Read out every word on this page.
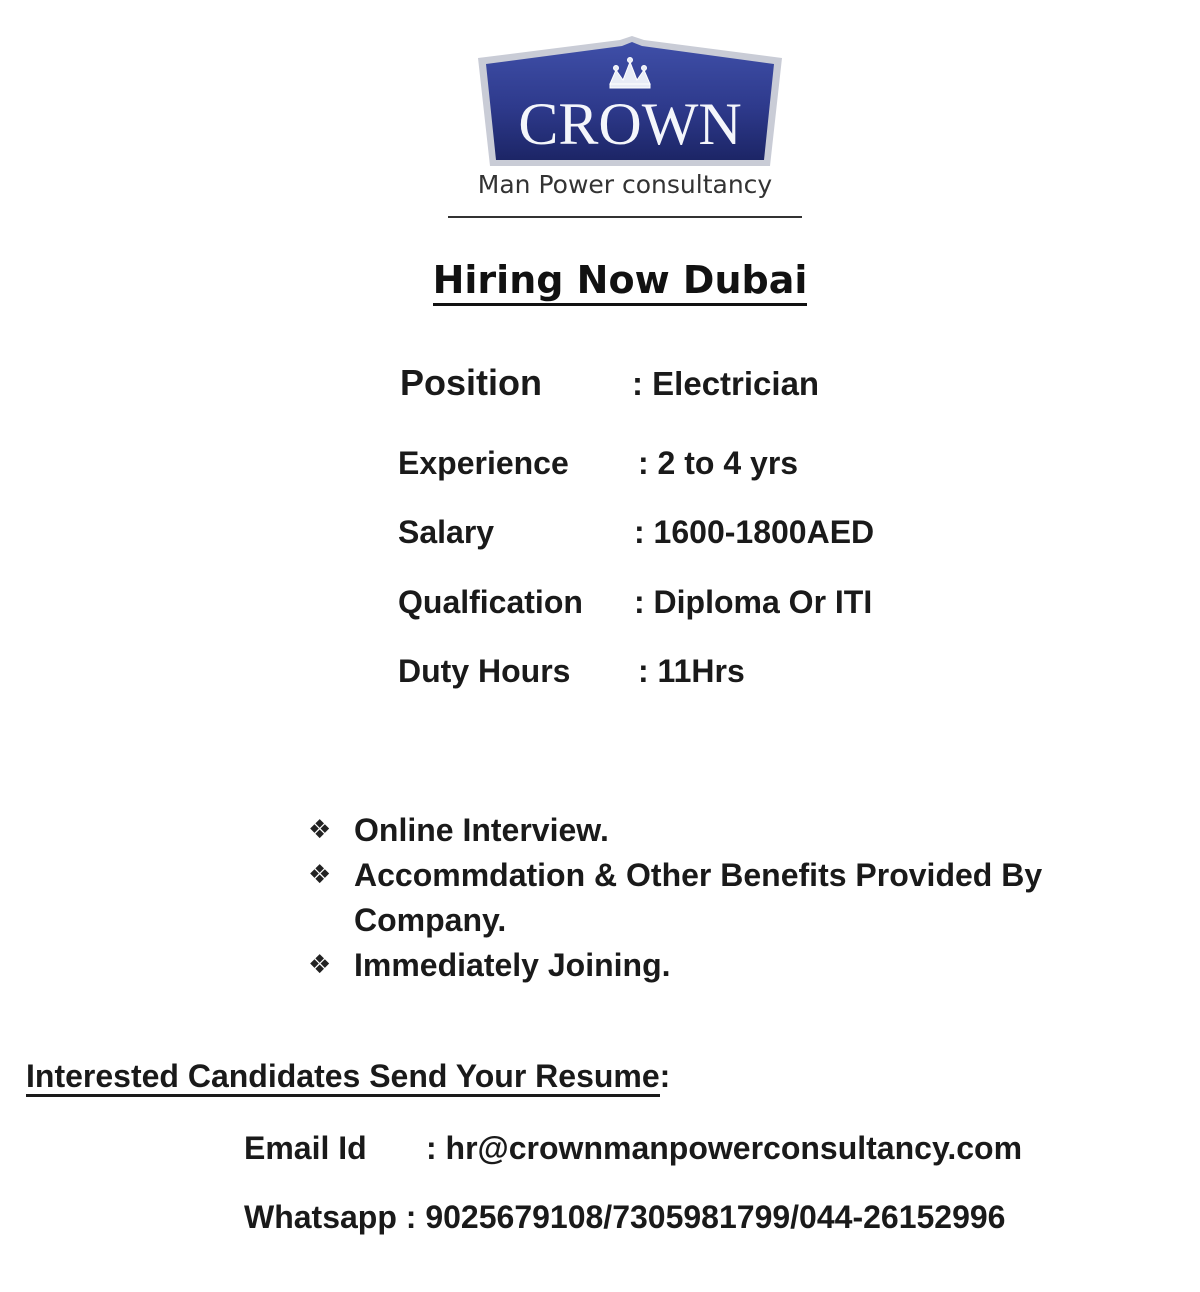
CROWN
Man Power consultancy
Hiring Now Dubai
Position	: Electrician
Experience : 2 to 4 yrs
Salary	: 1600-1800AED
Qualfication : Diploma Or ITI
Duty Hours : 11Hrs
❖ Online Interview.
❖ Accommdation & Other Benefits Provided By Company.
❖ Immediately Joining.
Interested Candidates Send Your Resume:
Email Id : hr@crownmanpowerconsultancy.com
Whatsapp : 9025679108/7305981799/044-26152996
